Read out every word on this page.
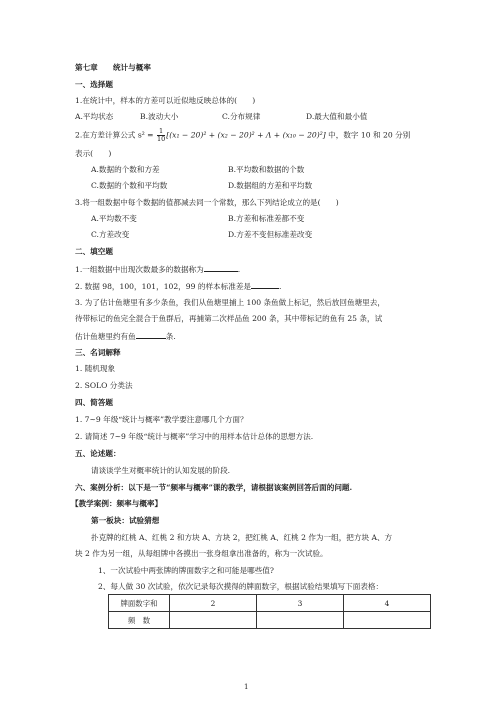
第七章　　统计与概率
一、选择题
1.在统计中，样本的方差可以近似地反映总体的(　　)
A.平均状态	B.波动大小	C.分布规律	D.最大值和最小值
2.在方差计算公式 $s^2 = \frac{1}{10} [(x_1 - 20)^2 + (x_2 - 20)^2 + \Lambda + (x_{10} - 20)^2]$ 中，数字 10 和 20 分别
表示(　　)
A.数据的个数和方差	B.平均数和数据的个数
C.数据的个数和平均数	D.数据组的方差和平均数
3.将一组数据中每个数据的值都减去同一个常数，那么下列结论成立的是(　　)
A.平均数不变	B.方差和标准差都不变
C.方差改变	D.方差不变但标准差改变
二、填空题
1.一组数据中出现次数最多的数据称为	.
2. 数据 98，100，101，102，99 的样本标准差是	.
3. 为了估计鱼塘里有多少条鱼，我们从鱼塘里捕上 100 条鱼做上标记，然后放回鱼塘里去，
待带标记的鱼完全混合于鱼群后，再捕第二次样品鱼 200 条，其中带标记的鱼有 25 条，试
估计鱼塘里约有鱼	条.
三、名词解释
1. 随机现象
2. SOLO 分类法
四、简答题
1. 7~9 年级“统计与概率”教学要注意哪几个方面？
2. 请简述 7~9 年级“统计与概率”学习中的用样本估计总体的思想方法.
五、论述题：
请谈谈学生对概率统计的认知发展的阶段.
六、案例分析：以下是一节“频率与概率”课的教学，请根据该案例回答后面的问题.
【教学案例：频率与概率】
第一板块：试验猜想
扑克牌的红桃 A、红桃 2 和方块 A、方块 2，把红桃 A、红桃 2 作为一组，把方块 A、方
块 2 作为另一组，从每组牌中各摸出一张身组拿出准备的，称为一次试验。
1、一次试验中两张牌的牌面数字之和可能是哪些值?
2、每人做 30 次试验，依次记录每次摸得的牌面数字，根据试验结果填写下面表格：
牌面数字和	2	3	4
频　数			
1
